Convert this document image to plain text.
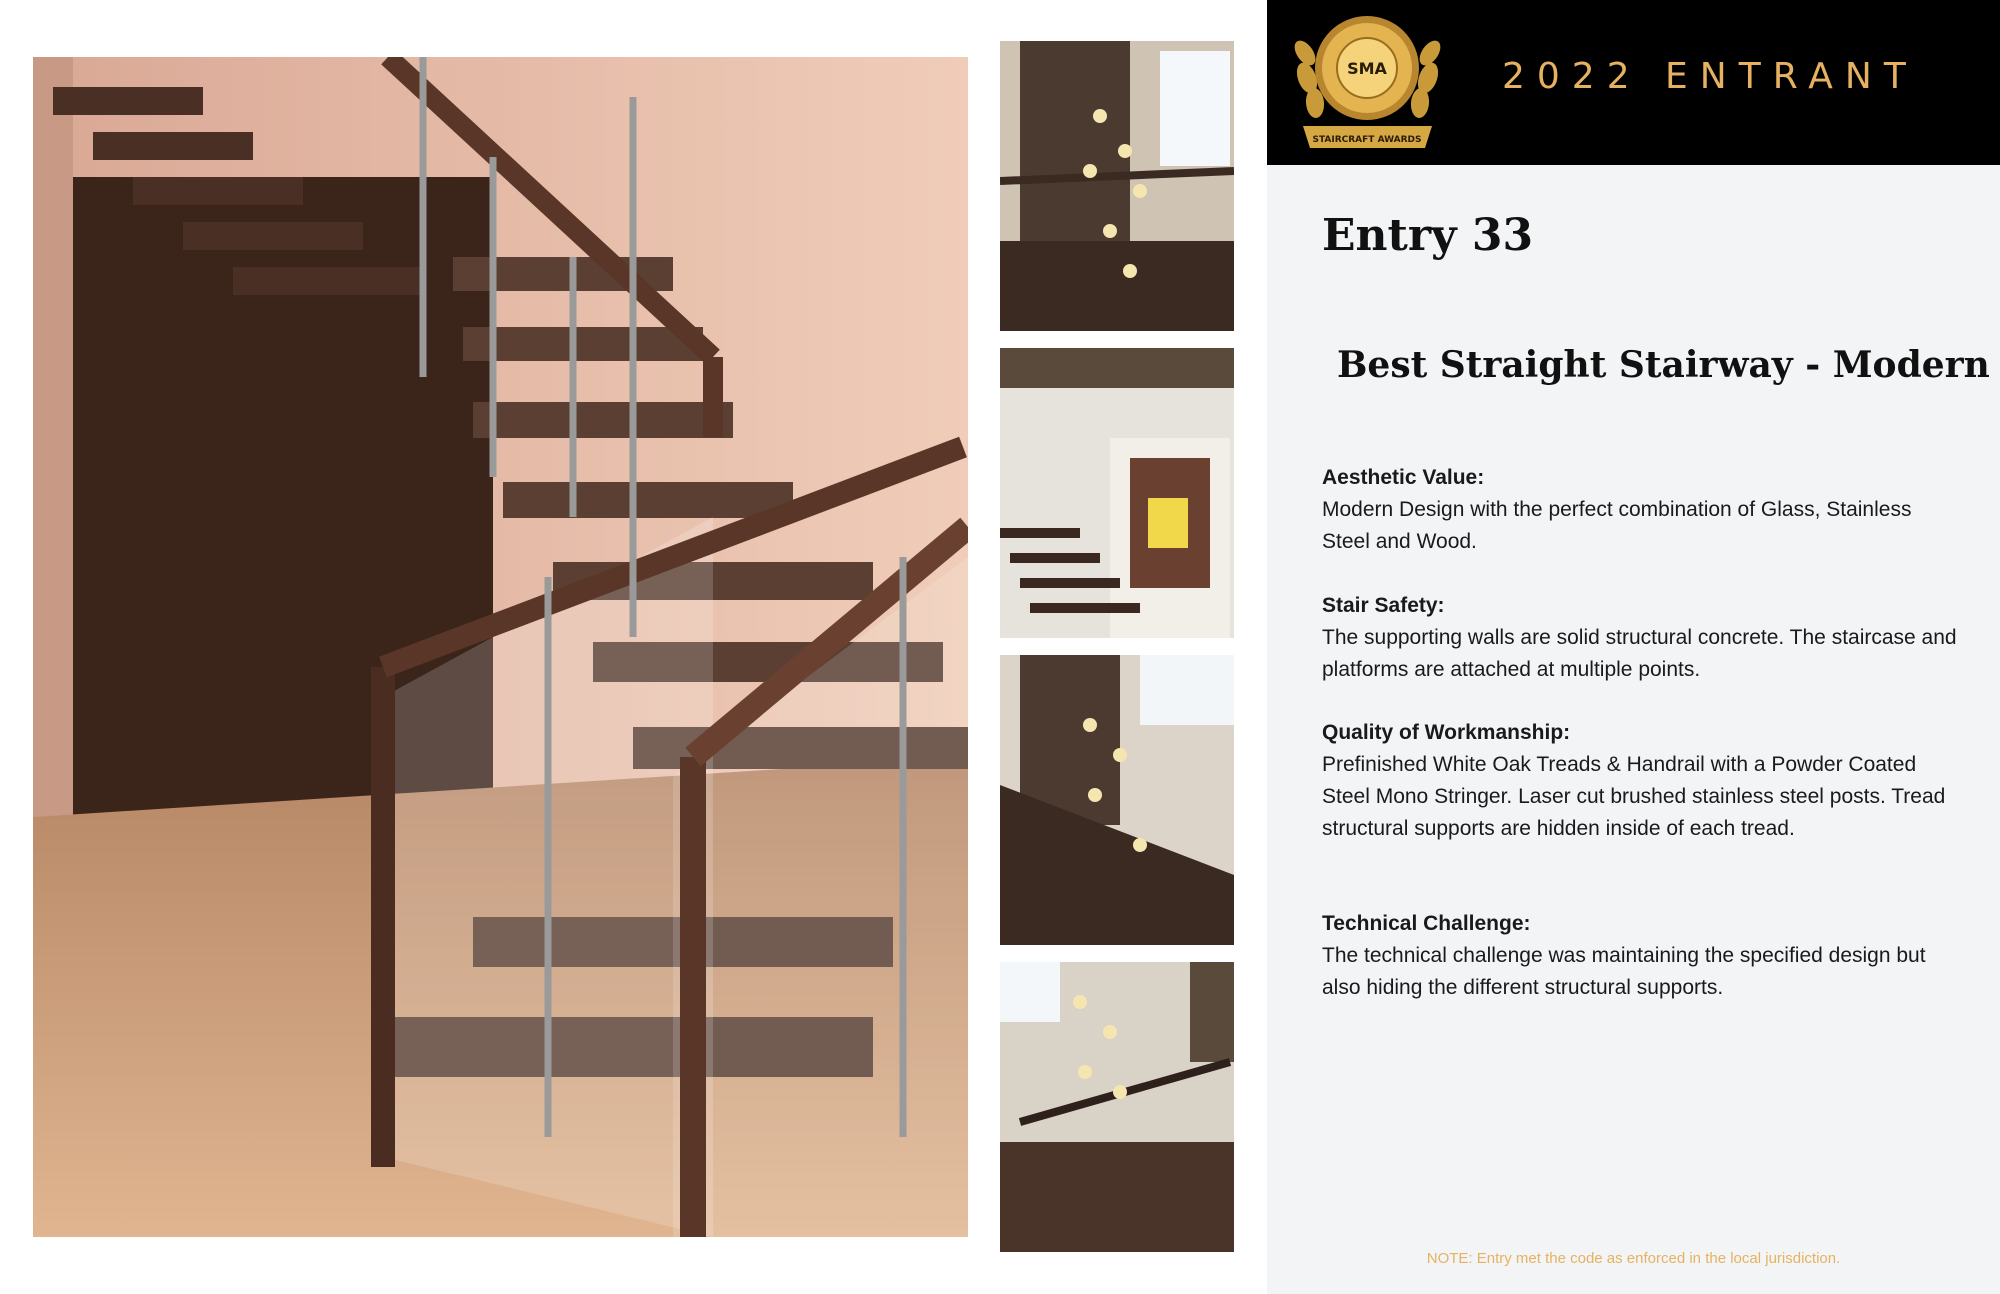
SMA
STAIRCRAFT AWARDS
2022 ENTRANT
Entry 33
Best Straight Stairway - Modern
Aesthetic Value:
Modern Design with the perfect combination of Glass, Stainless Steel and Wood.
Stair Safety:
The supporting walls are solid structural concrete. The staircase and platforms are attached at multiple points.
Quality of Workmanship:
Prefinished White Oak Treads & Handrail with a Powder Coated Steel Mono Stringer. Laser cut brushed stainless steel posts. Tread structural supports are hidden inside of each tread.
Technical Challenge:
The technical challenge was maintaining the specified design but also hiding the different structural supports.
NOTE: Entry met the code as enforced in the local jurisdiction.
